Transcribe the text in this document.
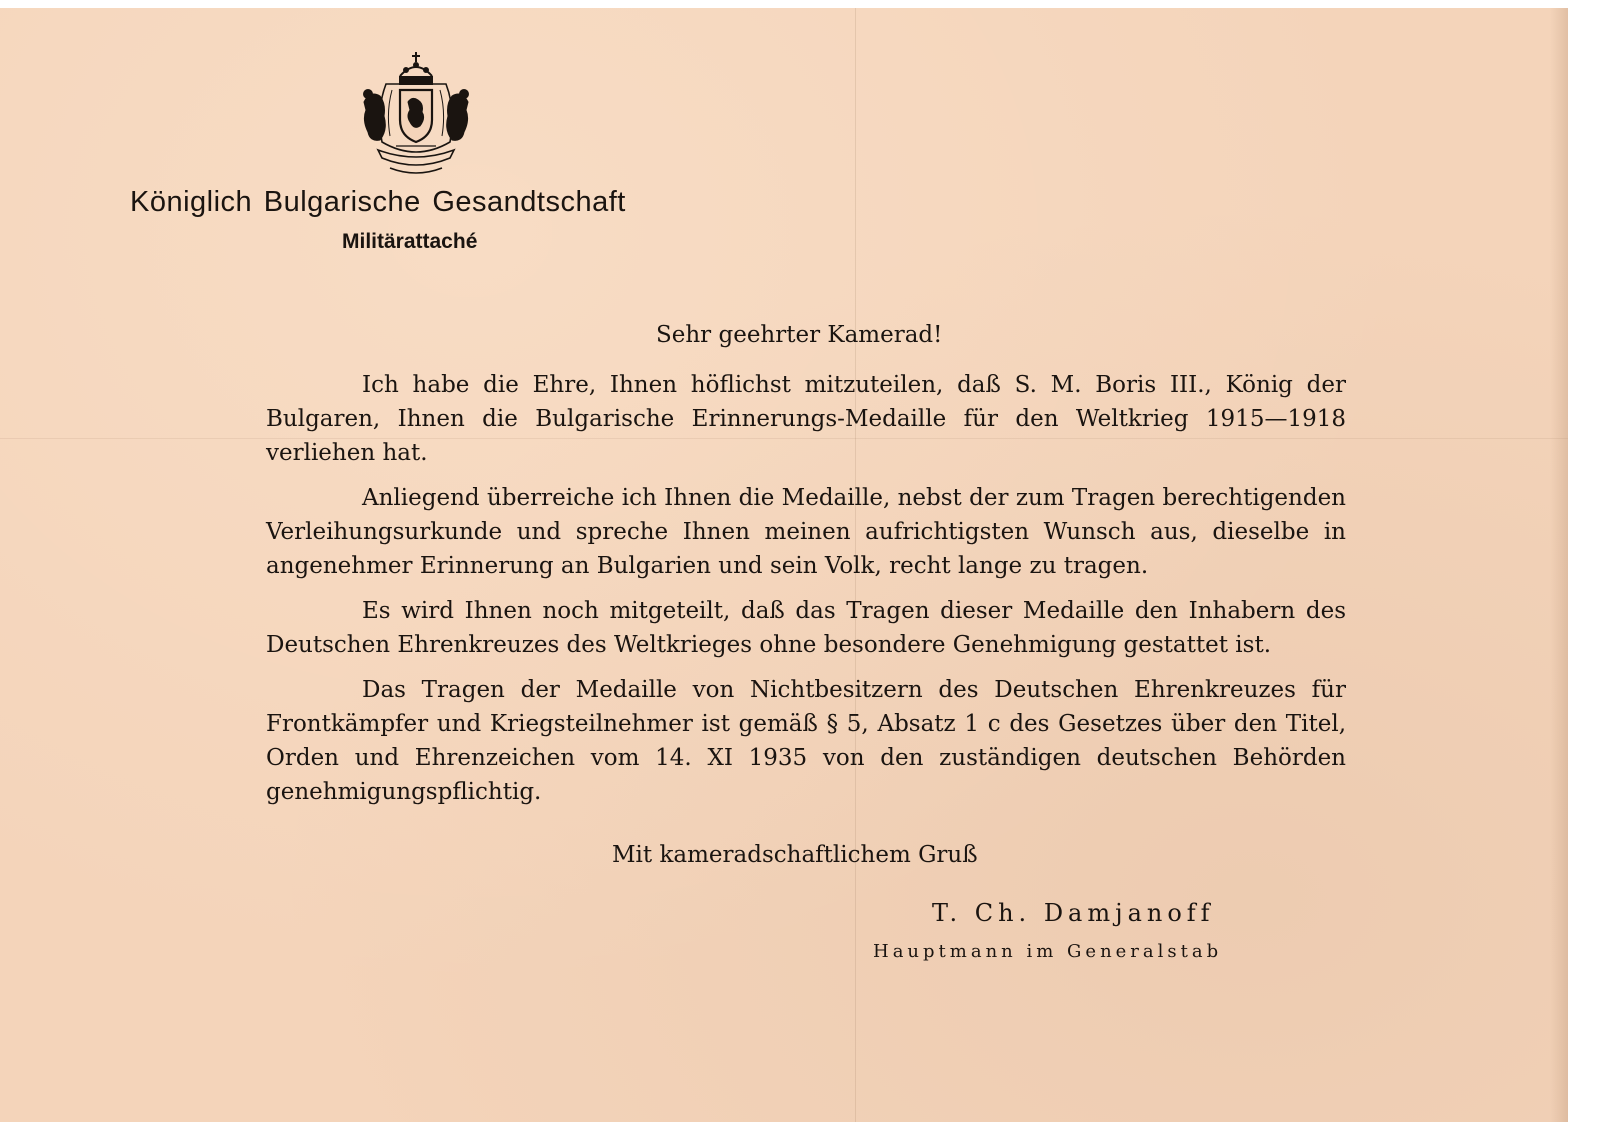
Königlich Bulgarische Gesandtschaft
Militärattaché
Sehr geehrter Kamerad!

Ich habe die Ehre, Ihnen höflichst mitzuteilen, daß S. M. Boris III., König der Bulgaren, Ihnen die Bulgarische Erinnerungs-Medaille für den Weltkrieg 1915—1918 verliehen hat.

Anliegend überreiche ich Ihnen die Medaille, nebst der zum Tragen berechtigenden Verleihungsurkunde und spreche Ihnen meinen aufrichtigsten Wunsch aus, dieselbe in angenehmer Erinnerung an Bulgarien und sein Volk, recht lange zu tragen.

Es wird Ihnen noch mitgeteilt, daß das Tragen dieser Medaille den Inhabern des Deutschen Ehrenkreuzes des Weltkrieges ohne besondere Genehmigung gestattet ist.

Das Tragen der Medaille von Nichtbesitzern des Deutschen Ehrenkreuzes für Frontkämpfer und Kriegsteilnehmer ist gemäß § 5, Absatz 1 c des Gesetzes über den Titel, Orden und Ehrenzeichen vom 14. XI 1935 von den zuständigen deutschen Behörden genehmigungspflichtig.

Mit kameradschaftlichem Gruß
T. Ch. Damjanoff
Hauptmann im Generalstab
